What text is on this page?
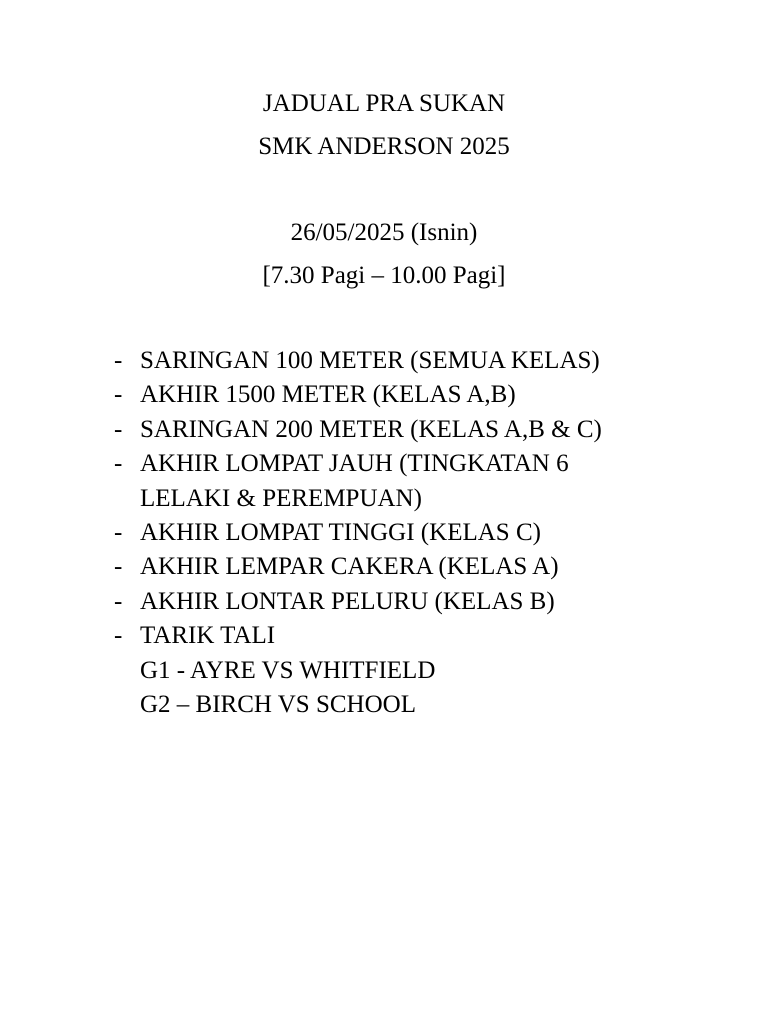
JADUAL PRA SUKAN
SMK ANDERSON 2025
26/05/2025 (Isnin)
[7.30 Pagi – 10.00 Pagi]
- SARINGAN 100 METER (SEMUA KELAS)
- AKHIR 1500 METER (KELAS A,B)
- SARINGAN 200 METER (KELAS A,B & C)
- AKHIR LOMPAT JAUH (TINGKATAN 6
LELAKI & PEREMPUAN)
- AKHIR LOMPAT TINGGI (KELAS C)
- AKHIR LEMPAR CAKERA (KELAS A)
- AKHIR LONTAR PELURU (KELAS B)
- TARIK TALI
G1 - AYRE VS WHITFIELD
G2 – BIRCH VS SCHOOL
